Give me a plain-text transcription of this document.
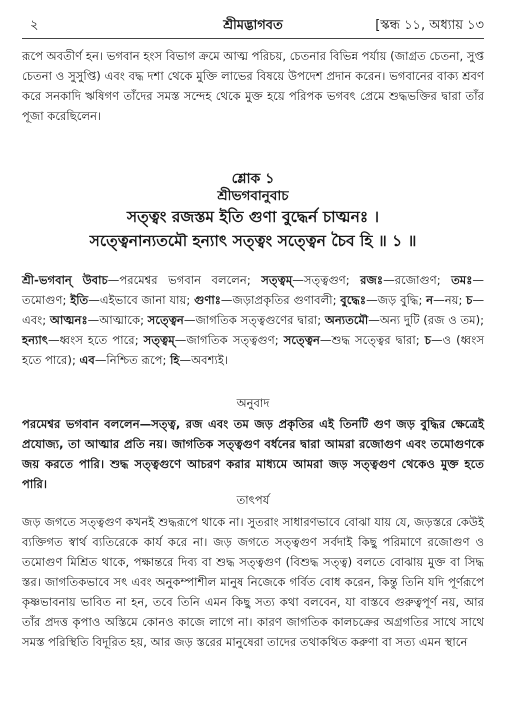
২	শ্রীমদ্ভাগবত	[স্কন্ধ ১১, অধ্যায় ১৩
রূপে অবতীর্ণ হন। ভগবান হংস বিভাগ ক্রমে আত্ম পরিচয়, চেতনার বিভিন্ন পর্যায় (জাগ্রত চেতনা, সুপ্ত চেতনা ও সুসুপ্তি) এবং বদ্ধ দশা থেকে মুক্তি লাভের বিষয়ে উপদেশ প্রদান করেন। ভগবানের বাক্য শ্রবণ করে সনকাদি ঋষিগণ তাঁদের সমস্ত সন্দেহ থেকে মুক্ত হয়ে পরিপক ভগবৎ প্রেমে শুদ্ধভক্তির দ্বারা তাঁর পূজা করেছিলেন।
শ্লোক ১
শ্রীভগবানুবাচ
সত্ত্বং রজস্তম ইতি গুণা বুদ্ধের্ন চাত্মনঃ ।
সত্ত্বেনান্যতমৌ হন্যাৎ সত্ত্বং সত্ত্বেন চৈব হি ॥ ১ ॥
শ্রী-ভগবান্ উবাচ—পরমেশ্বর ভগবান বললেন; সত্ত্বম্—সত্ত্বগুণ; রজঃ—রজোগুণ; তমঃ—তমোগুণ; ইতি—এইভাবে জানা যায়; গুণাঃ—জড়াপ্রকৃতির গুণাবলী; বুদ্ধেঃ—জড় বুদ্ধি; ন—নয়; চ—এবং; আত্মনঃ—আত্মাকে; সত্ত্বেন—জাগতিক সত্ত্বগুণের দ্বারা; অন্যতমৌ—অন্য দুটি (রজ ও তম); হন্যাৎ—ধ্বংস হতে পারে; সত্ত্বম্—জাগতিক সত্ত্বগুণ; সত্ত্বেন—শুদ্ধ সত্ত্বের দ্বারা; চ—ও (ধ্বংস হতে পারে); এব—নিশ্চিত রূপে; হি—অবশ্যই।
অনুবাদ
পরমেশ্বর ভগবান বললেন—সত্ত্ব, রজ এবং তম জড় প্রকৃতির এই তিনটি গুণ জড় বুদ্ধির ক্ষেত্রেই প্রযোজ্য, তা আত্মার প্রতি নয়। জাগতিক সত্ত্বগুণ বর্ধনের দ্বারা আমরা রজোগুণ এবং তমোগুণকে জয় করতে পারি। শুদ্ধ সত্ত্বগুণে আচরণ করার মাধ্যমে আমরা জড় সত্ত্বগুণ থেকেও মুক্ত হতে পারি।
তাৎপর্য
জড় জগতে সত্ত্বগুণ কখনই শুদ্ধরূপে থাকে না। সুতরাং সাধারণভাবে বোঝা যায় যে, জড়স্তরে কেউই ব্যক্তিগত স্বার্থ ব্যতিরেকে কার্য করে না। জড় জগতে সত্ত্বগুণ সর্বদাই কিছু পরিমাণে রজোগুণ ও তমোগুণ মিশ্রিত থাকে, পক্ষান্তরে দিব্য বা শুদ্ধ সত্ত্বগুণ (বিশুদ্ধ সত্ত্ব) বলতে বোঝায় মুক্ত বা সিদ্ধ স্তর। জাগতিকভাবে সৎ এবং অনুকম্পাশীল মানুষ নিজেকে গর্বিত বোধ করেন, কিন্তু তিনি যদি পূর্ণরূপে কৃষ্ণভাবনায় ভাবিত না হন, তবে তিনি এমন কিছু সত্য কথা বলবেন, যা বাস্তবে গুরুত্বপূর্ণ নয়, আর তাঁর প্রদত্ত কৃপাও অস্তিমে কোনও কাজে লাগে না। কারণ জাগতিক কালচক্রের অগ্রগতির সাথে সাথে সমস্ত পরিস্থিতি বিদূরিত হয়, আর জড় স্তরের মানুষেরা তাদের তথাকথিত করুণা বা সত্য এমন স্থানে
